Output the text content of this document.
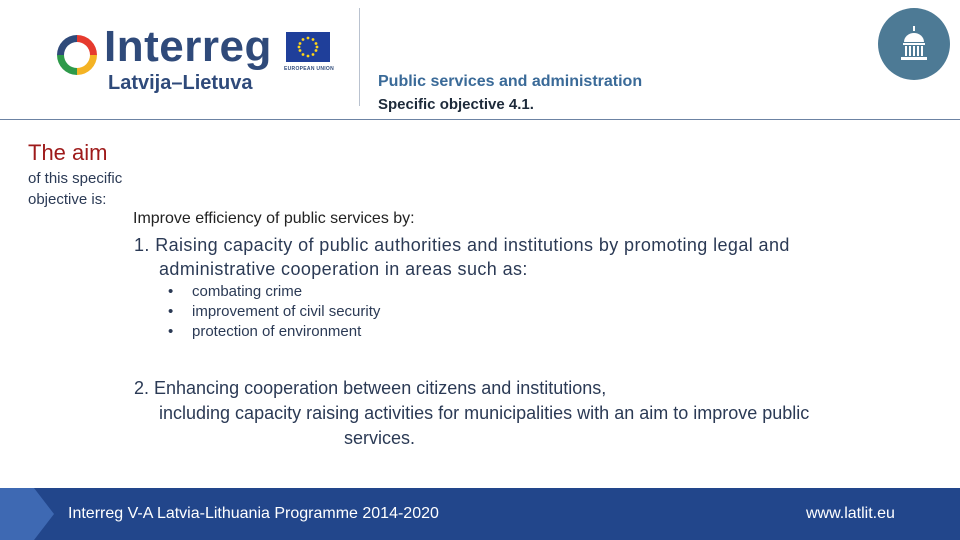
Interreg EUROPEAN UNION
Latvija–Lietuva	Public services and administration
Specific objective 4.1.
The aim
of this specific objective is:
Improve efficiency of public services by:
1. Raising capacity of public authorities and institutions by promoting legal and
administrative cooperation in areas such as:
• combating crime
• improvement of civil security
• protection of environment
2. Enhancing cooperation between citizens and institutions,
including capacity raising activities for municipalities with an aim to improve public
services.
Interreg V-A Latvia-Lithuania Programme 2014-2020	www.latlit.eu
